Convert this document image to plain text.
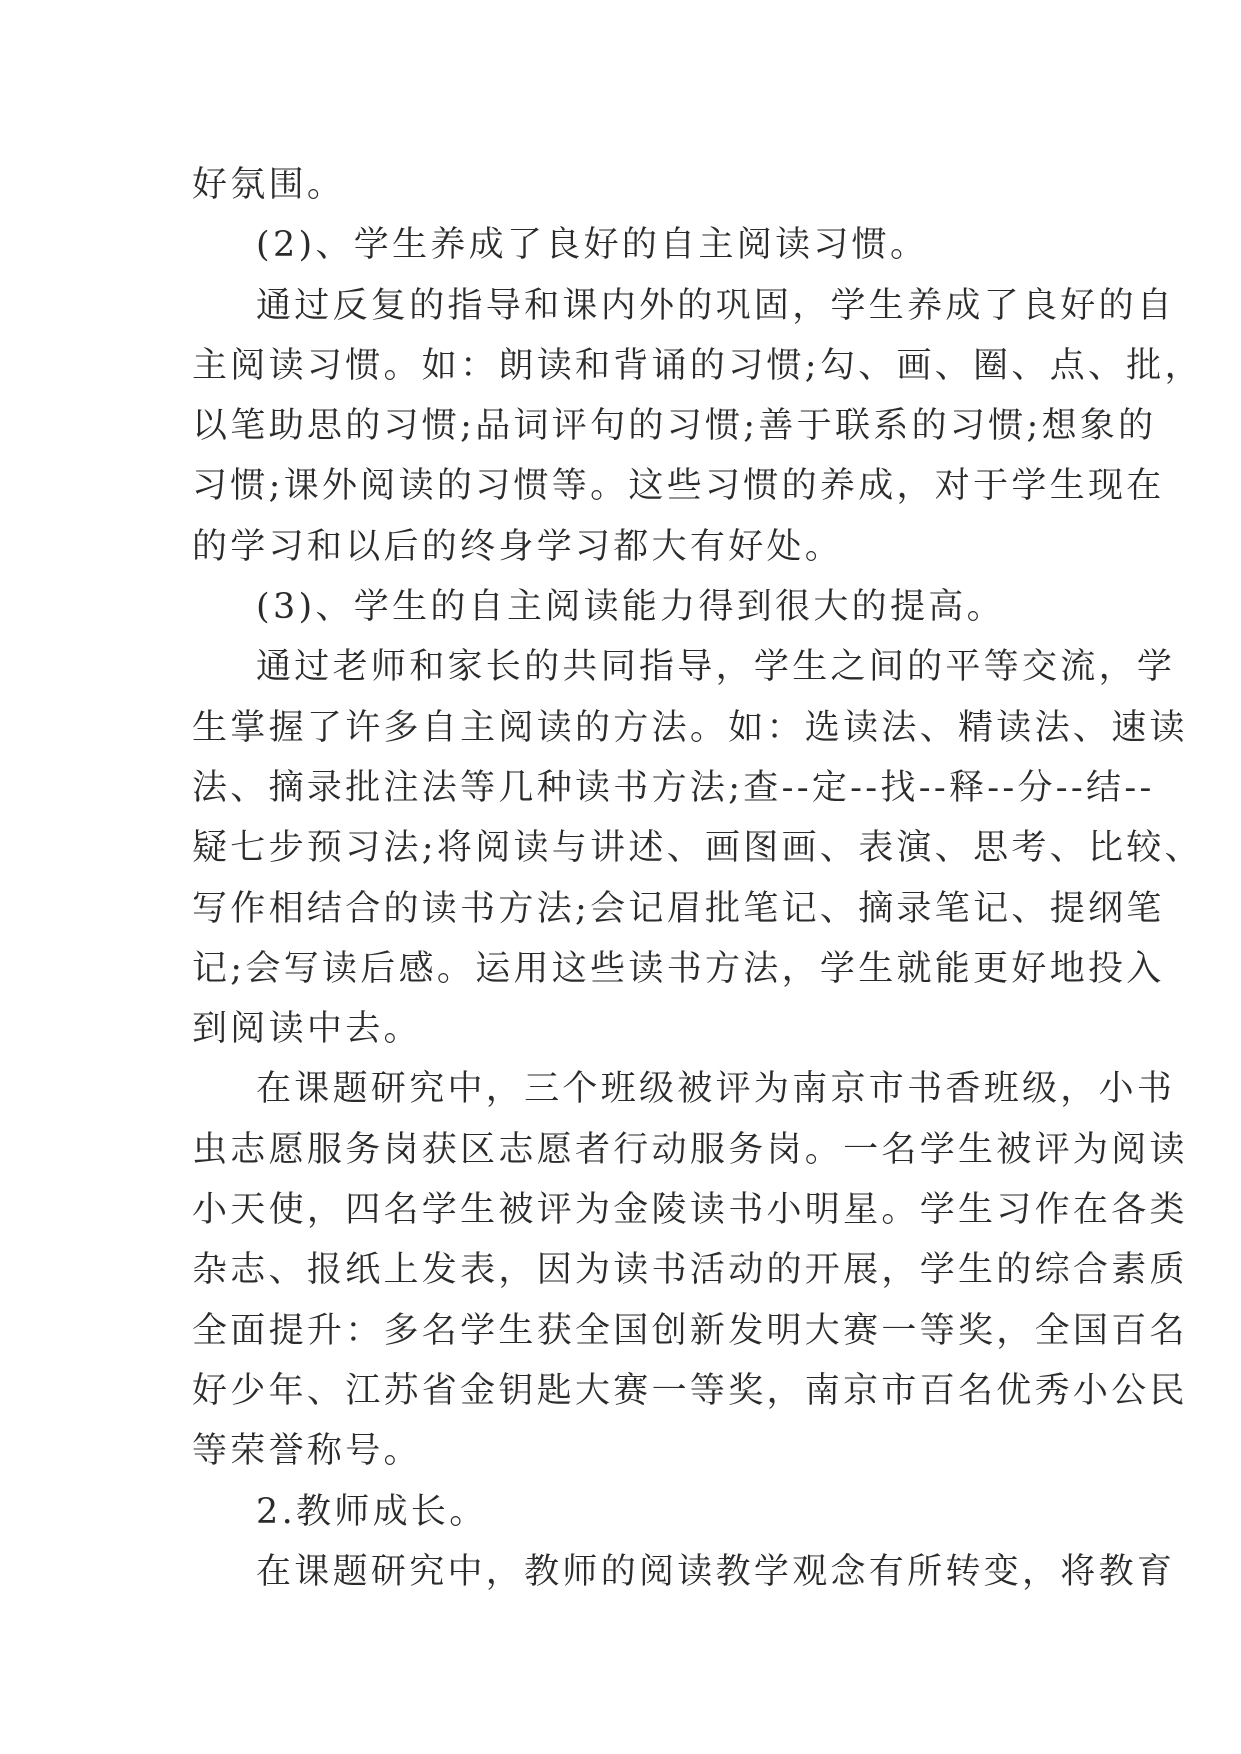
好氛围。
(2)、学生养成了良好的自主阅读习惯。
通过反复的指导和课内外的巩固，学生养成了良好的自
主阅读习惯。如：朗读和背诵的习惯;勾、画、圈、点、批，
以笔助思的习惯;品词评句的习惯;善于联系的习惯;想象的
习惯;课外阅读的习惯等。这些习惯的养成，对于学生现在
的学习和以后的终身学习都大有好处。
(3)、学生的自主阅读能力得到很大的提高。
通过老师和家长的共同指导，学生之间的平等交流，学
生掌握了许多自主阅读的方法。如：选读法、精读法、速读
法、摘录批注法等几种读书方法;查--定--找--释--分--结--
疑七步预习法;将阅读与讲述、画图画、表演、思考、比较、
写作相结合的读书方法;会记眉批笔记、摘录笔记、提纲笔
记;会写读后感。运用这些读书方法，学生就能更好地投入
到阅读中去。
在课题研究中，三个班级被评为南京市书香班级，小书
虫志愿服务岗获区志愿者行动服务岗。一名学生被评为阅读
小天使，四名学生被评为金陵读书小明星。学生习作在各类
杂志、报纸上发表，因为读书活动的开展，学生的综合素质
全面提升：多名学生获全国创新发明大赛一等奖，全国百名
好少年、江苏省金钥匙大赛一等奖，南京市百名优秀小公民
等荣誉称号。
2.教师成长。
在课题研究中，教师的阅读教学观念有所转变，将教育
